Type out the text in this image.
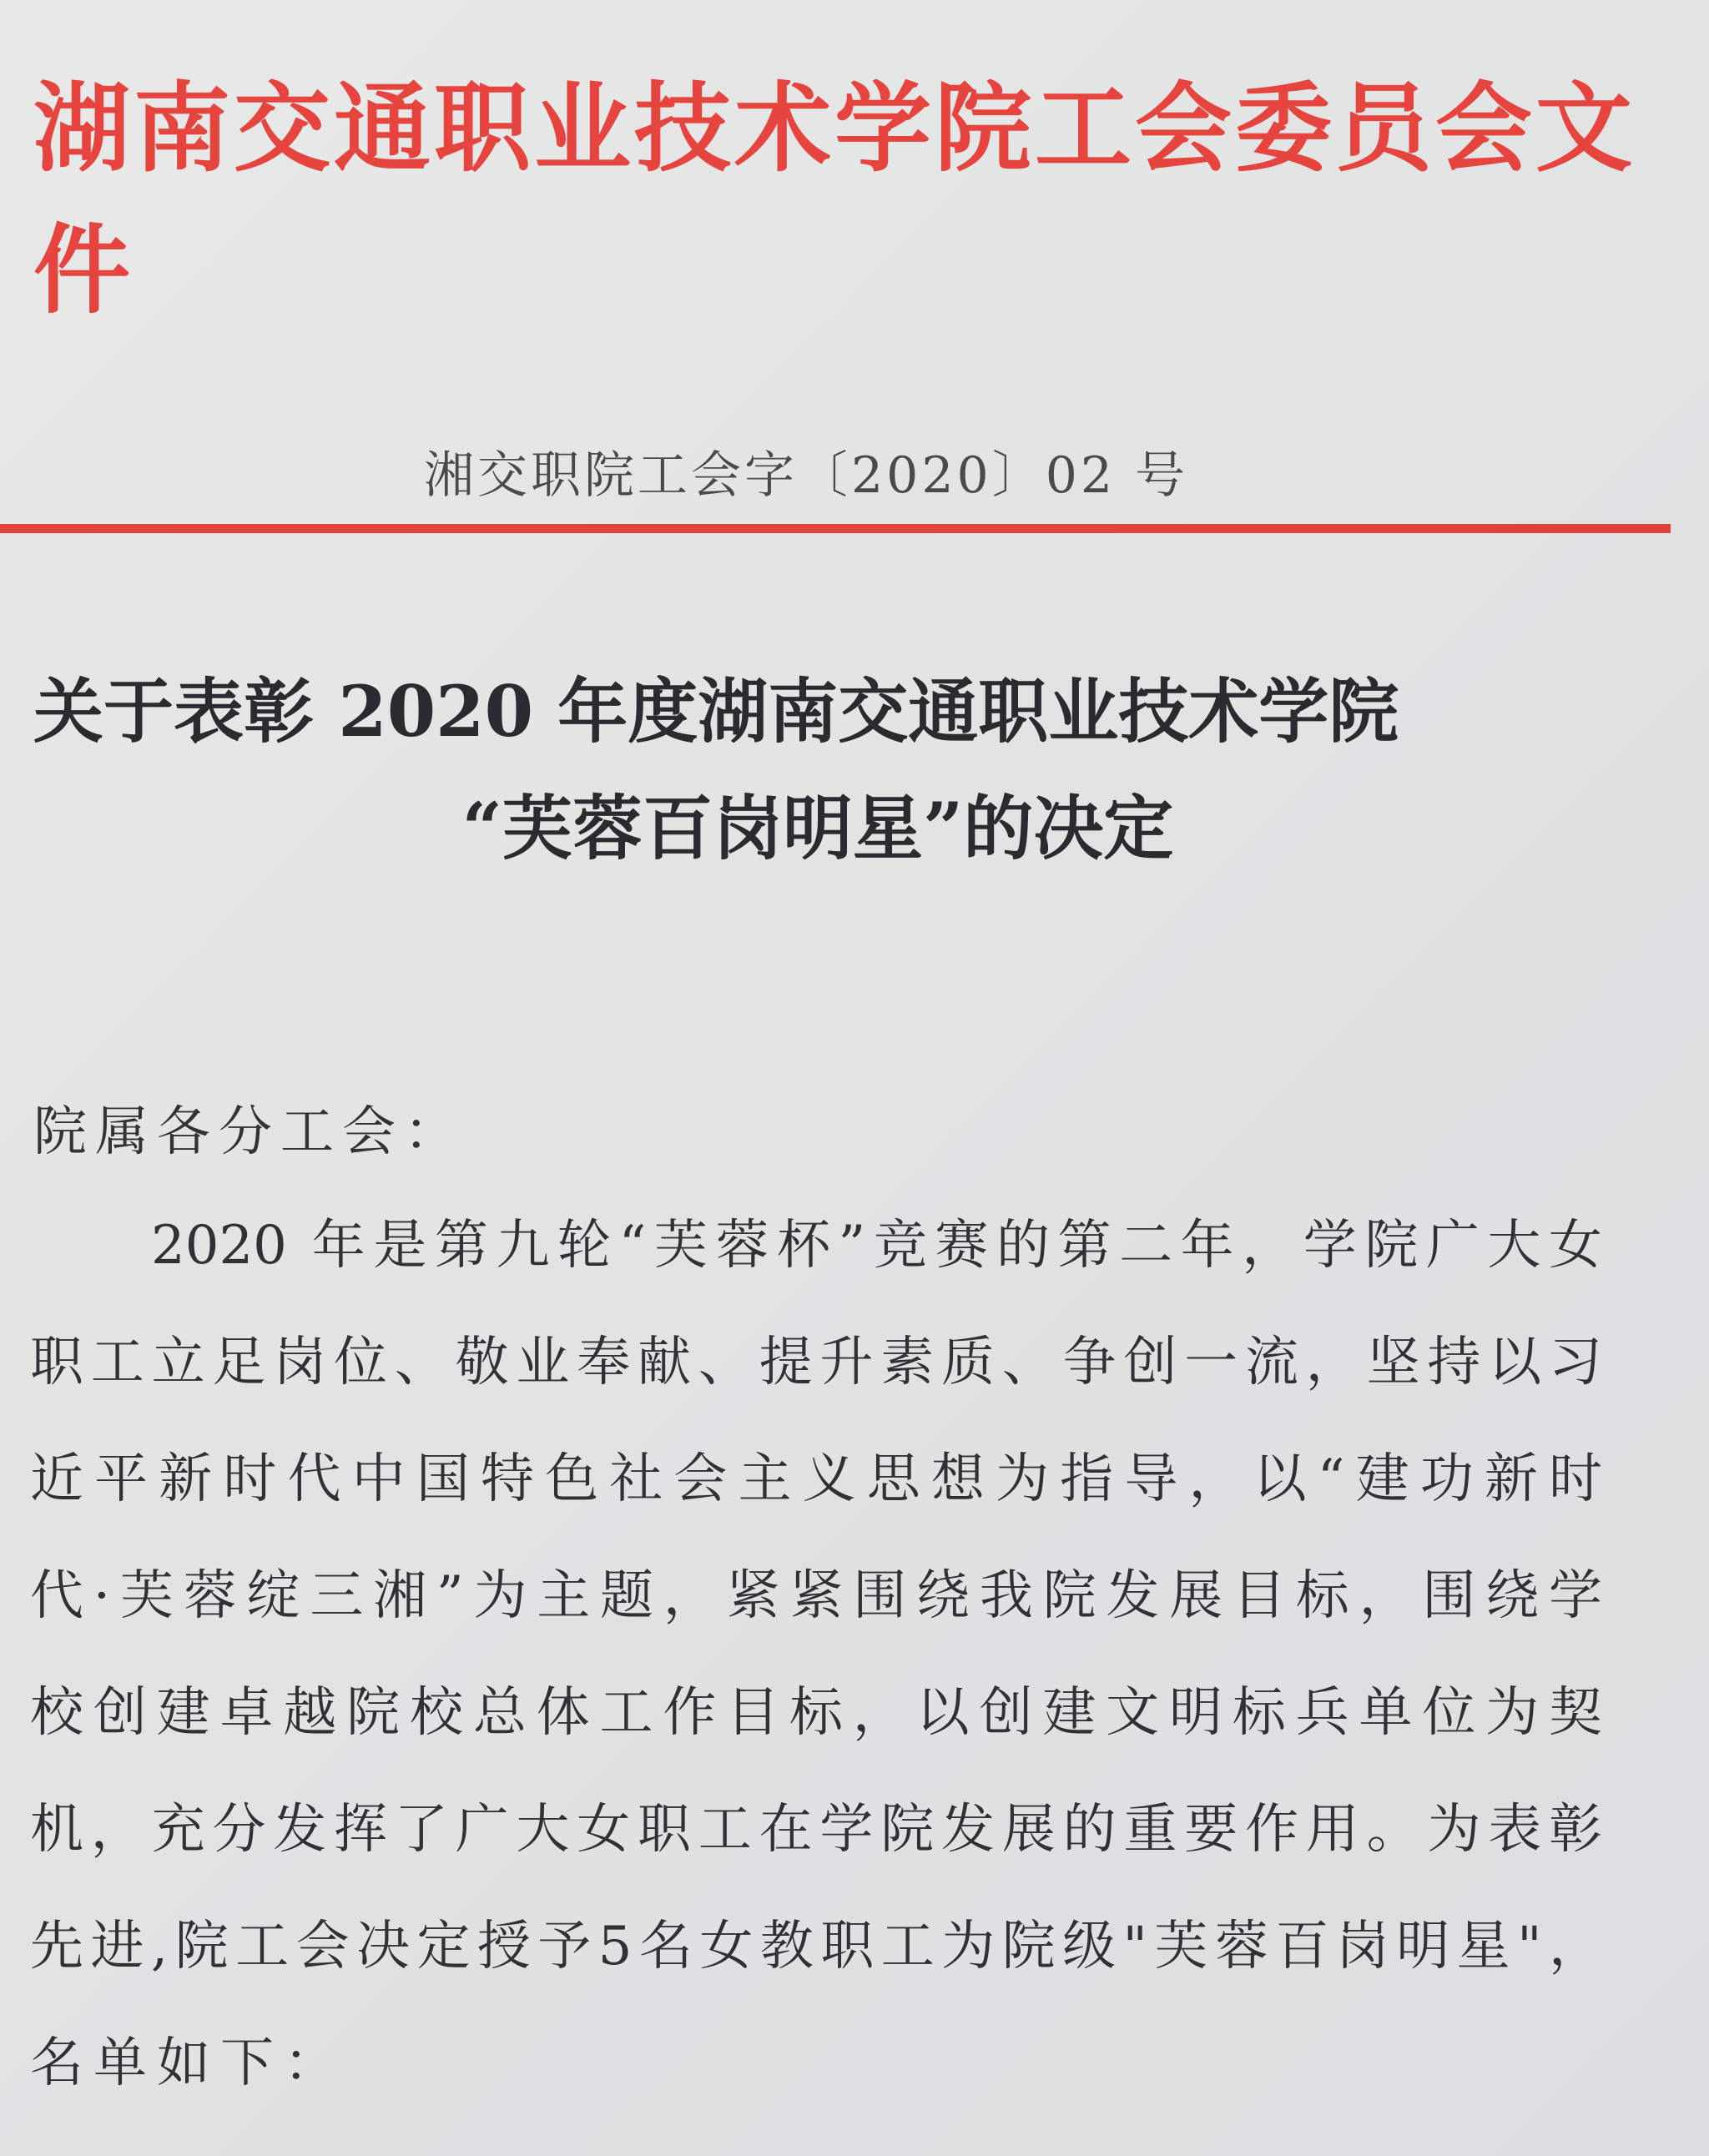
湖南交通职业技术学院工会委员会文件
湘交职院工会字〔2020〕02 号
关于表彰 2020 年度湖南交通职业技术学院
“芙蓉百岗明星”的决定
院属各分工会：
2020 年是第九轮“芙蓉杯”竞赛的第二年，学院广大女
职工立足岗位、敬业奉献、提升素质、争创一流，坚持以习
近平新时代中国特色社会主义思想为指导，以“建功新时
代·芙蓉绽三湘”为主题，紧紧围绕我院发展目标，围绕学
校创建卓越院校总体工作目标，以创建文明标兵单位为契
机，充分发挥了广大女职工在学院发展的重要作用。为表彰
先进,院工会决定授予5名女教职工为院级"芙蓉百岗明星"，
名单如下：
